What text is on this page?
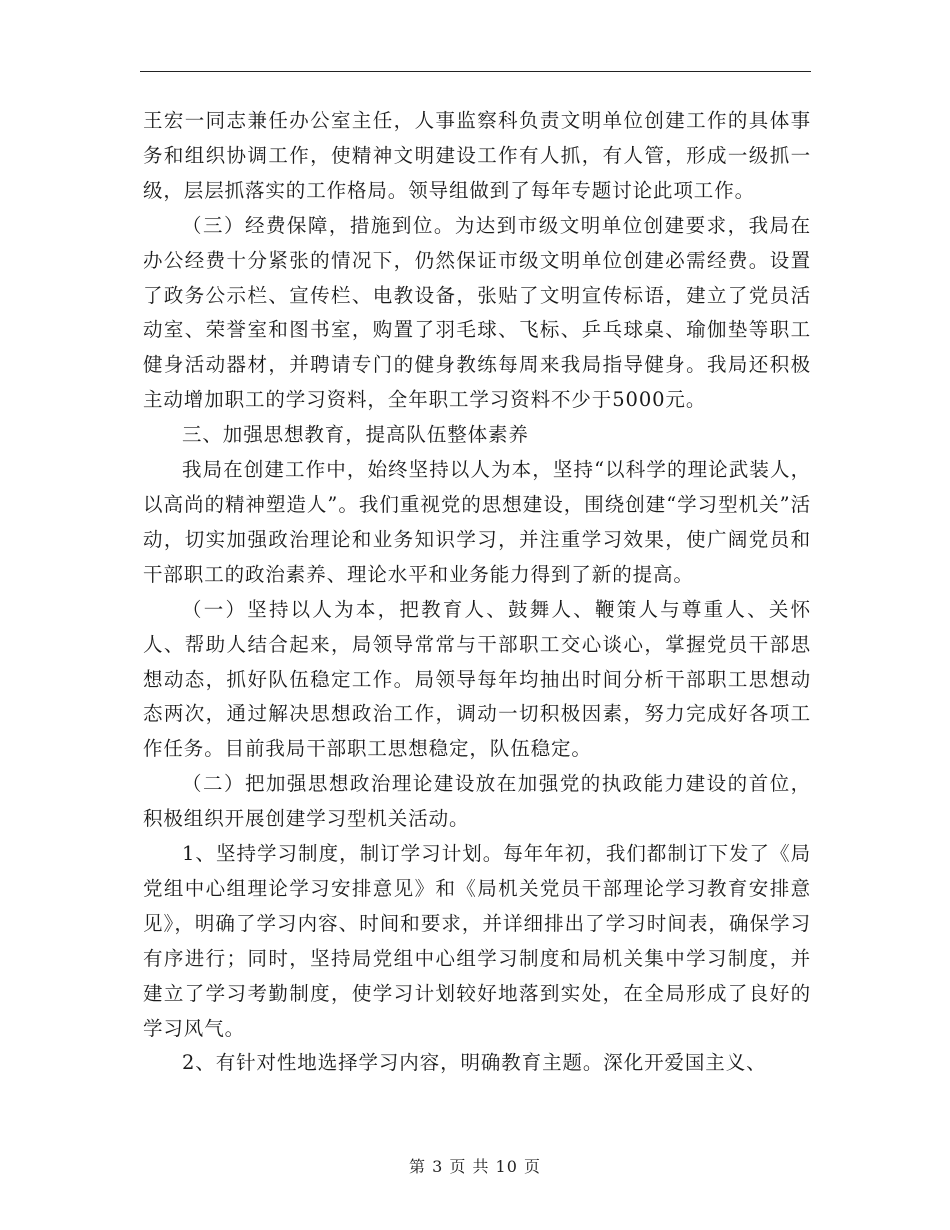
王宏一同志兼任办公室主任，人事监察科负责文明单位创建工作的具体事务和组织协调工作，使精神文明建设工作有人抓，有人管，形成一级抓一级，层层抓落实的工作格局。领导组做到了每年专题讨论此项工作。

（三）经费保障，措施到位。为达到市级文明单位创建要求，我局在办公经费十分紧张的情况下，仍然保证市级文明单位创建必需经费。设置了政务公示栏、宣传栏、电教设备，张贴了文明宣传标语，建立了党员活动室、荣誉室和图书室，购置了羽毛球、飞标、乒乓球桌、瑜伽垫等职工健身活动器材，并聘请专门的健身教练每周来我局指导健身。我局还积极主动增加职工的学习资料，全年职工学习资料不少于5000元。

三、加强思想教育，提高队伍整体素养

我局在创建工作中，始终坚持以人为本，坚持“以科学的理论武装人，以高尚的精神塑造人”。我们重视党的思想建设，围绕创建“学习型机关”活动，切实加强政治理论和业务知识学习，并注重学习效果，使广阔党员和干部职工的政治素养、理论水平和业务能力得到了新的提高。

（一）坚持以人为本，把教育人、鼓舞人、鞭策人与尊重人、关怀人、帮助人结合起来，局领导常常与干部职工交心谈心，掌握党员干部思想动态，抓好队伍稳定工作。局领导每年均抽出时间分析干部职工思想动态两次，通过解决思想政治工作，调动一切积极因素，努力完成好各项工作任务。目前我局干部职工思想稳定，队伍稳定。

（二）把加强思想政治理论建设放在加强党的执政能力建设的首位，积极组织开展创建学习型机关活动。

1、坚持学习制度，制订学习计划。每年年初，我们都制订下发了《局党组中心组理论学习安排意见》和《局机关党员干部理论学习教育安排意见》，明确了学习内容、时间和要求，并详细排出了学习时间表，确保学习有序进行；同时，坚持局党组中心组学习制度和局机关集中学习制度，并建立了学习考勤制度，使学习计划较好地落到实处，在全局形成了良好的学习风气。

2、有针对性地选择学习内容，明确教育主题。深化开爱国主义、

第 3 页 共 10 页
